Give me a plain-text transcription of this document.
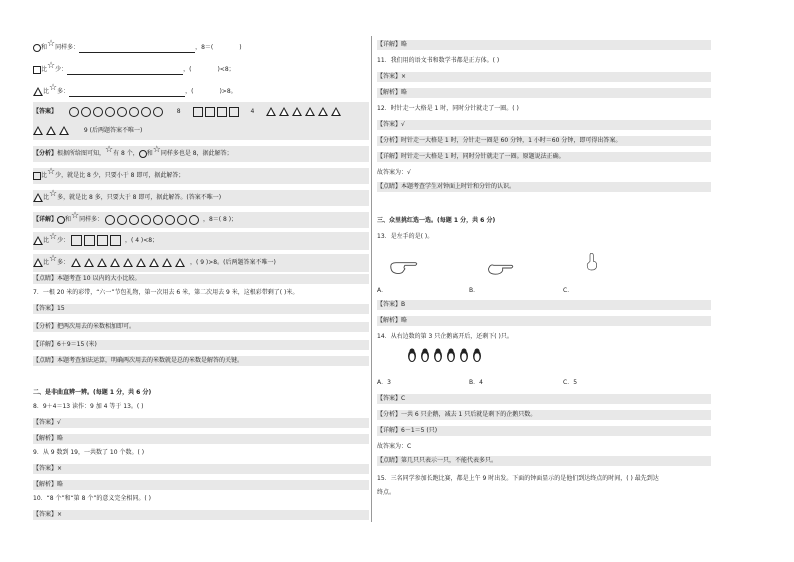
和☆同样多：	，8＝(	)
比☆少：	，(	)<8；
比☆多：	，(	)>8。
【答案】	8	4
9 (后两题答案不唯一)
【分析】根据所给图可知，☆有 8 个， 和☆同样多也是 8，据此解答；
比☆少，就是比 8 少，只要小于 8 即可，据此解答；
比☆多，就是比 8 多，只要大于 8 即可，据此解答。(答案不唯一)
【详解】 和☆同样多：	，8＝( 8 )；
比☆少：	，( 4 )<8；
比☆多：	，( 9 )>8。(后两题答案不唯一)
【点睛】本题考查 10 以内的大小比较。
7．一根 20 米的彩带，“六一”节包礼物，第一次用去 6 米，第二次用去 9 米，这根彩带剩了( )米。
【答案】15
【分析】把两次用去的米数相加即可。
【详解】6＋9＝15 (米)
【点睛】本题考查加法运算，明确两次用去的米数就是总的米数是解答的关键。
二、是非曲直辨一辨。(每题 1 分，共 6 分)
8．9＋4＝13 读作：9 加 4 等于 13。( )
【答案】√
【解析】略
9．从 9 数到 19，一共数了 10 个数。( )
【答案】×
【解析】略
10．“8 个”和“第 8 个”的意义完全相同。( )
【答案】×
【详解】略
11．我们用的语文书和数学书都是正方体。( )
【答案】×
【解析】略
12．时针走一大格是 1 时，同时分针就走了一圈。( )
【答案】√
【分析】时针走一大格是 1 时，分针走一圈是 60 分钟，1 小时＝60 分钟，即可得出答案。
【详解】时针走一大格是 1 时，同时分针就走了一圈。原题说法正确。
故答案为：√
【点睛】本题考查学生对钟面上时针和分针的认识。
三、众里挑红选一选。(每题 1 分，共 6 分)
13．是左手的是( )。
A．	B．	C．
【答案】B
【解析】略
14．从右边数的第 3 只企鹅离开后，还剩下( )只。
A．3	B．4	C．5
【答案】C
【分析】一共 6 只企鹅，减去 1 只后就是剩下的企鹅只数。
【详解】6－1＝5 (只)
故答案为：C
【点睛】第几只只表示一只，不能代表多只。
15．三名同学参加长跑比赛，都是上午 9 时出发。下面的钟面显示的是他们到达终点的时间，( ) 最先到达
终点。
